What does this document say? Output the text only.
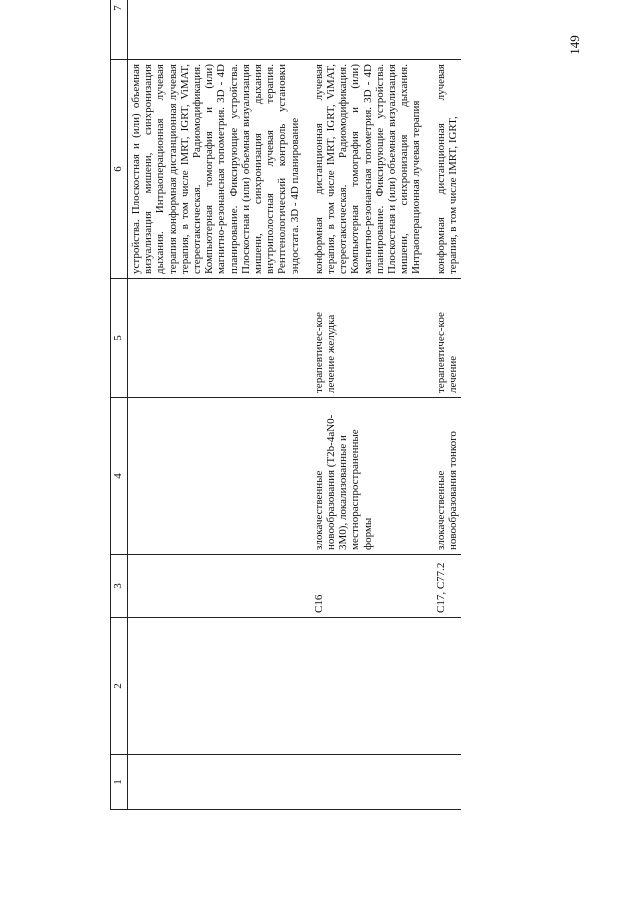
149
1	2	3	4	5	6	7
					устройства. Плоскостная и (или) объемная визуализация мишени, синхронизация дыхания. Интраоперационная лучевая терапия конформная дистанционная лучевая терапия, в том числе IMRT, IGRT, ViMAT, стереотаксическая. Радиомодификация. Компьютерная томография и (или) магнитно-резонансная топометрия. 3D - 4D планирование. Фиксирующие устройства. Плоскостная и (или) объемная визуализация мишени, синхронизация дыхания внутриполостная лучевая терапия. Рентгенологический контроль установки эндостата. 3D - 4D планирование	
		C16	злокачественные новообразования (T2b-4aN0-3M0), локализованные и местнораспространенные формы	терапевтичес-кое лечение желудка	конформная дистанционная лучевая терапия, в том числе IMRT, IGRT, ViMAT, стереотаксическая. Радиомодификация. Компьютерная томография и (или) магнитно-резонансная топометрия. 3D - 4D планирование. Фиксирующие устройства. Плоскостная и (или) объемная визуализация мишени, синхронизация дыхания. Интраоперационная лучевая терапия	
		C17, C77.2	злокачественные новообразования тонкого	терапевтичес-кое лечение	конформная дистанционная лучевая терапия, в том числе IMRT, IGRT,	
